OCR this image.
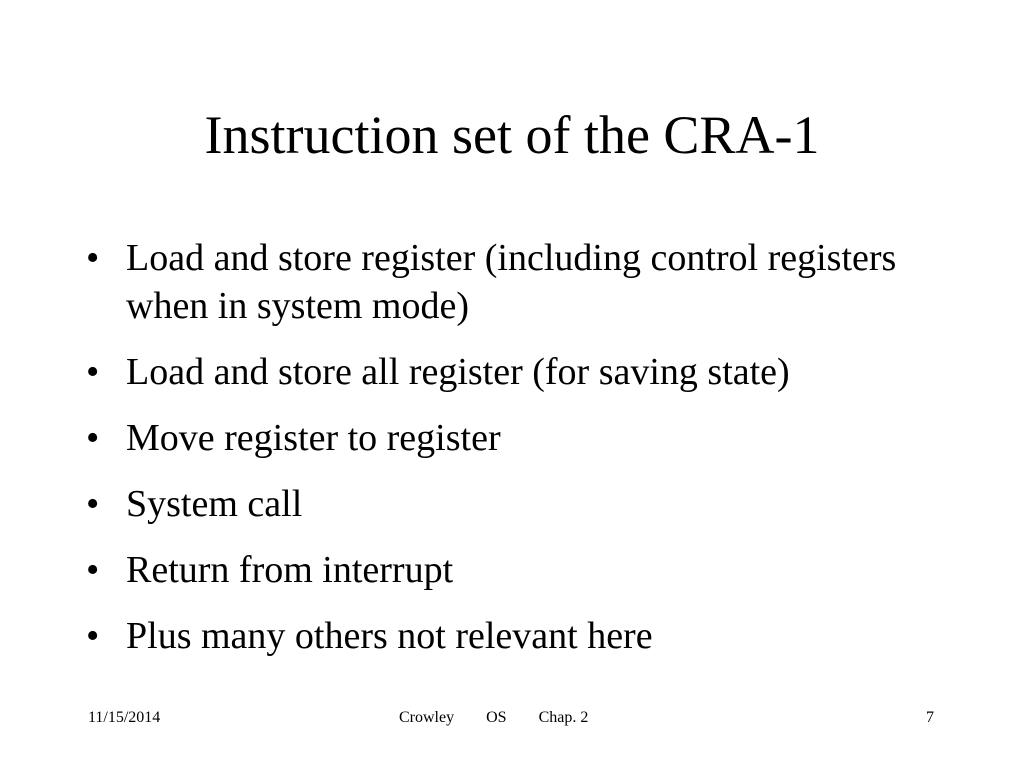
Instruction set of the CRA-1
• Load and store register (including control registers when in system mode)
• Load and store all register (for saving state)
• Move register to register
• System call
• Return from interrupt
• Plus many others not relevant here
11/15/2014	Crowley OS Chap. 2	7
